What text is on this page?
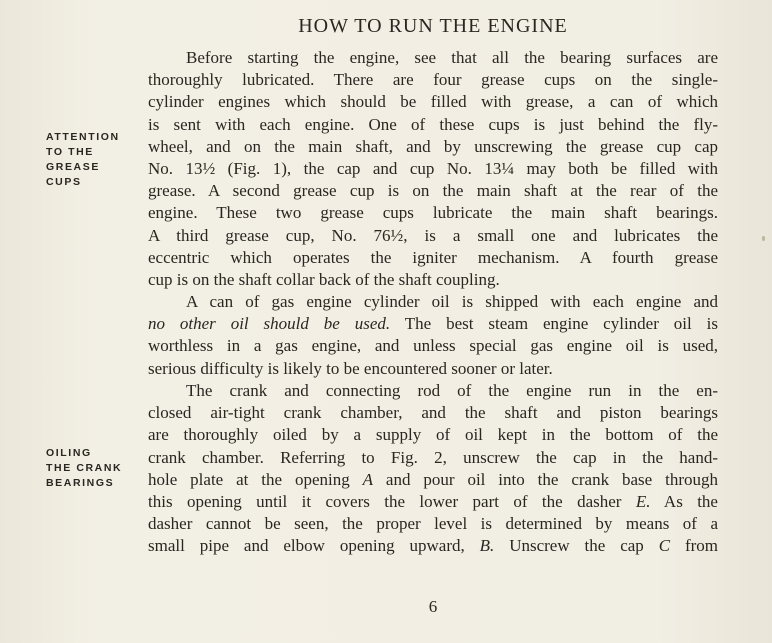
HOW TO RUN THE ENGINE
ATTENTION
TO THE
GREASE
CUPS
OILING
THE CRANK
BEARINGS
Before starting the engine, see that all the bearing surfaces are
thoroughly lubricated. There are four grease cups on the single-
cylinder engines which should be filled with grease, a can of which
is sent with each engine. One of these cups is just behind the fly-
wheel, and on the main shaft, and by unscrewing the grease cup cap
No. 13½ (Fig. 1), the cap and cup No. 13¼ may both be filled with
grease. A second grease cup is on the main shaft at the rear of the
engine. These two grease cups lubricate the main shaft bearings.
A third grease cup, No. 76½, is a small one and lubricates the
eccentric which operates the igniter mechanism. A fourth grease
cup is on the shaft collar back of the shaft coupling.
A can of gas engine cylinder oil is shipped with each engine and
no other oil should be used. The best steam engine cylinder oil is
worthless in a gas engine, and unless special gas engine oil is used,
serious difficulty is likely to be encountered sooner or later.
The crank and connecting rod of the engine run in the en-
closed air-tight crank chamber, and the shaft and piston bearings
are thoroughly oiled by a supply of oil kept in the bottom of the
crank chamber. Referring to Fig. 2, unscrew the cap in the hand-
hole plate at the opening A and pour oil into the crank base through
this opening until it covers the lower part of the dasher E. As the
dasher cannot be seen, the proper level is determined by means of a
small pipe and elbow opening upward, B. Unscrew the cap C from
6
